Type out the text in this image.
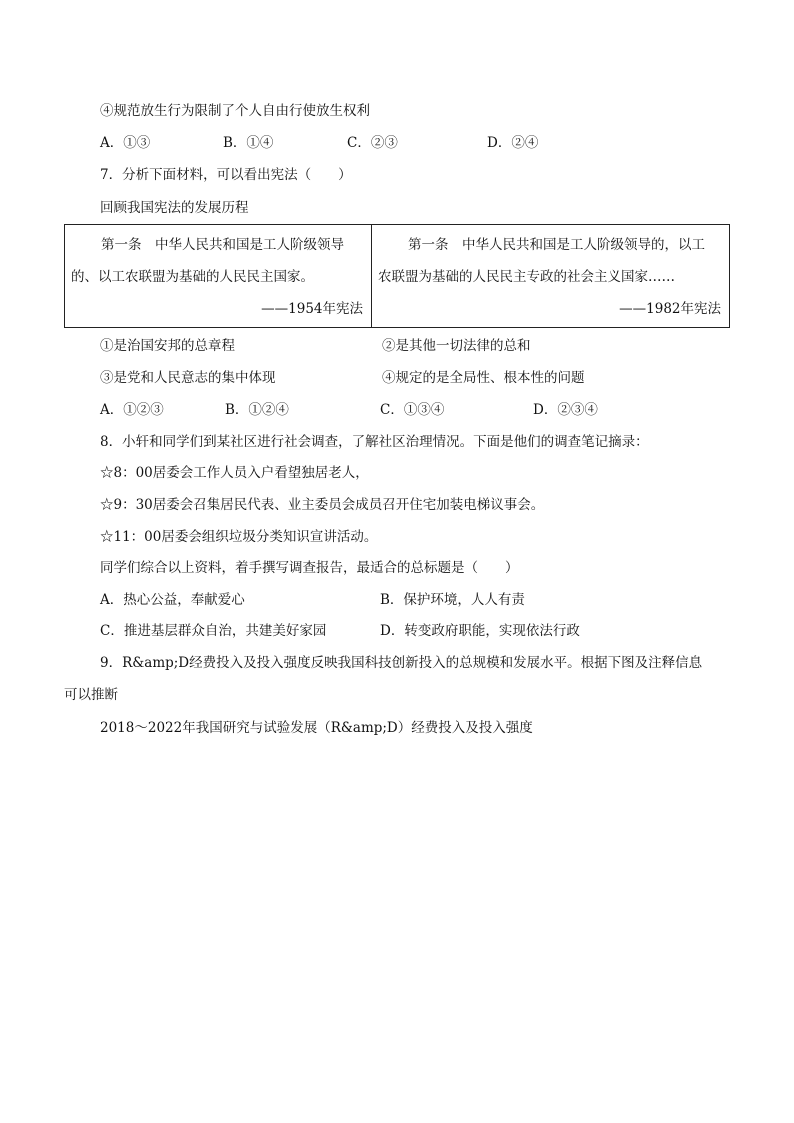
④规范放生行为限制了个人自由行使放生权利
A．①③	B．①④	C．②③	D．②④
7．分析下面材料，可以看出宪法（　　）
回顾我国宪法的发展历程
第一条　中华人民共和国是工人阶级领导
的、以工农联盟为基础的人民民主国家。
——1954年宪法

第一条　中华人民共和国是工人阶级领导的，以工
农联盟为基础的人民民主专政的社会主义国家……
——1982年宪法
①是治国安邦的总章程	②是其他一切法律的总和
③是党和人民意志的集中体现	④规定的是全局性、根本性的问题
A．①②③	B．①②④	C．①③④	D．②③④
8．小轩和同学们到某社区进行社会调查，了解社区治理情况。下面是他们的调查笔记摘录：
☆8：00居委会工作人员入户看望独居老人，
☆9：30居委会召集居民代表、业主委员会成员召开住宅加装电梯议事会。
☆11：00居委会组织垃圾分类知识宣讲活动。
同学们综合以上资料，着手撰写调查报告，最适合的总标题是（　　）
A．热心公益，奉献爱心	B．保护环境，人人有责
C．推进基层群众自治，共建美好家园	D．转变政府职能，实现依法行政
9．R&amp;D经费投入及投入强度反映我国科技创新投入的总规模和发展水平。根据下图及注释信息
可以推断
2018～2022年我国研究与试验发展（R&amp;D）经费投入及投入强度
